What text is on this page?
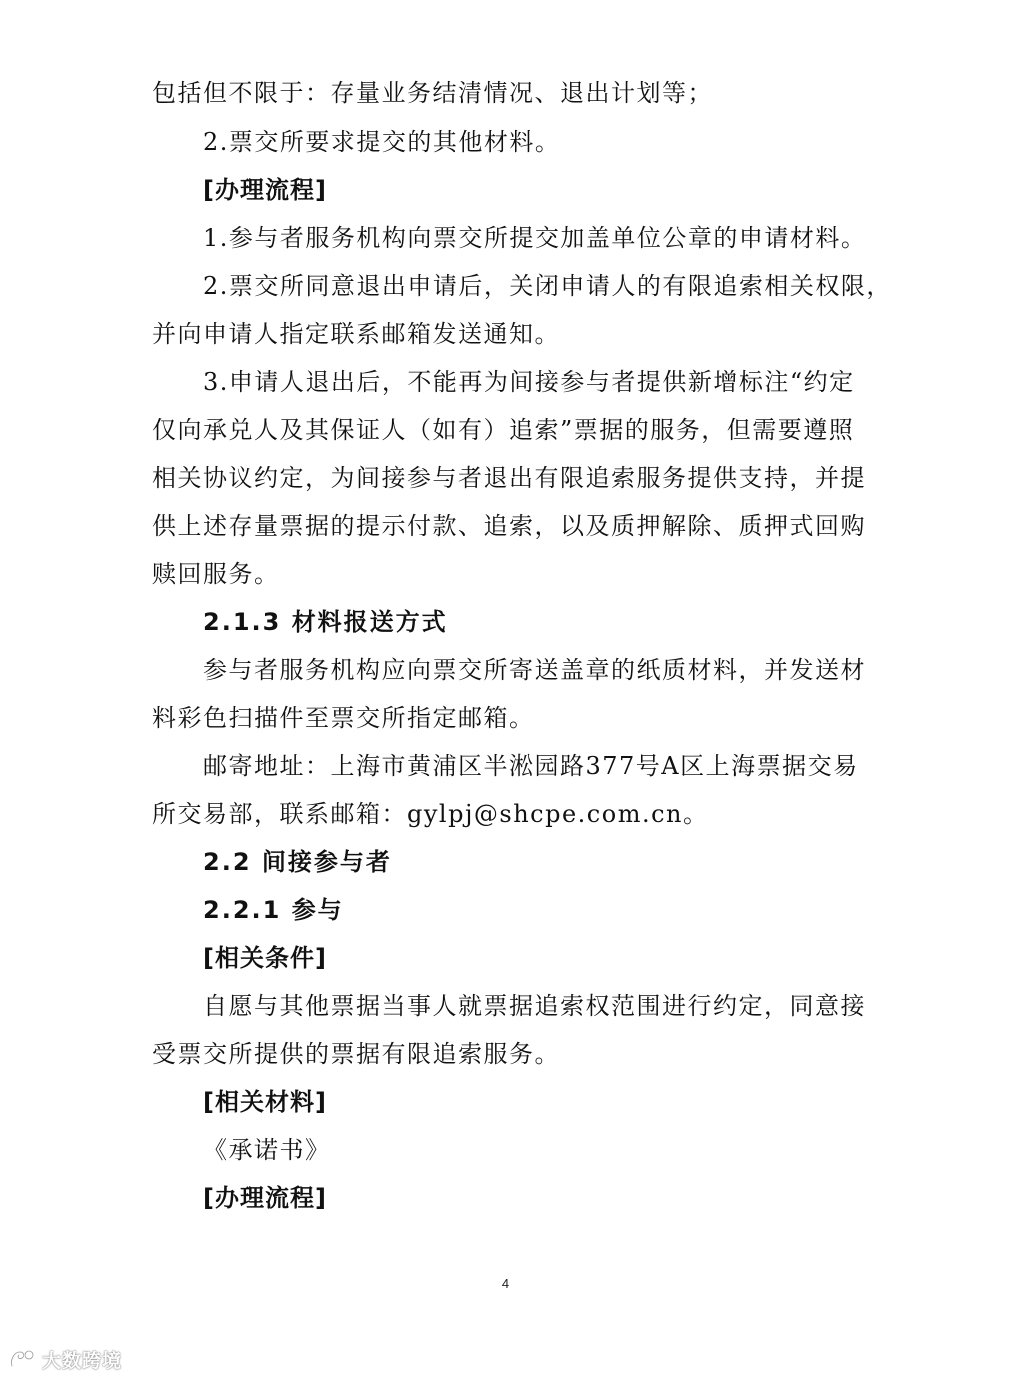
包括但不限于：存量业务结清情况、退出计划等；
2.票交所要求提交的其他材料。
[办理流程]
1.参与者服务机构向票交所提交加盖单位公章的申请材料。
2.票交所同意退出申请后，关闭申请人的有限追索相关权限，
并向申请人指定联系邮箱发送通知。
3.申请人退出后，不能再为间接参与者提供新增标注“约定
仅向承兑人及其保证人（如有）追索”票据的服务，但需要遵照
相关协议约定，为间接参与者退出有限追索服务提供支持，并提
供上述存量票据的提示付款、追索，以及质押解除、质押式回购
赎回服务。
2.1.3 材料报送方式
参与者服务机构应向票交所寄送盖章的纸质材料，并发送材
料彩色扫描件至票交所指定邮箱。
邮寄地址：上海市黄浦区半淞园路377号A区上海票据交易
所交易部，联系邮箱：gylpj@shcpe.com.cn。
2.2 间接参与者
2.2.1 参与
[相关条件]
自愿与其他票据当事人就票据追索权范围进行约定，同意接
受票交所提供的票据有限追索服务。
[相关材料]
《承诺书》
[办理流程]
4
大数跨境
